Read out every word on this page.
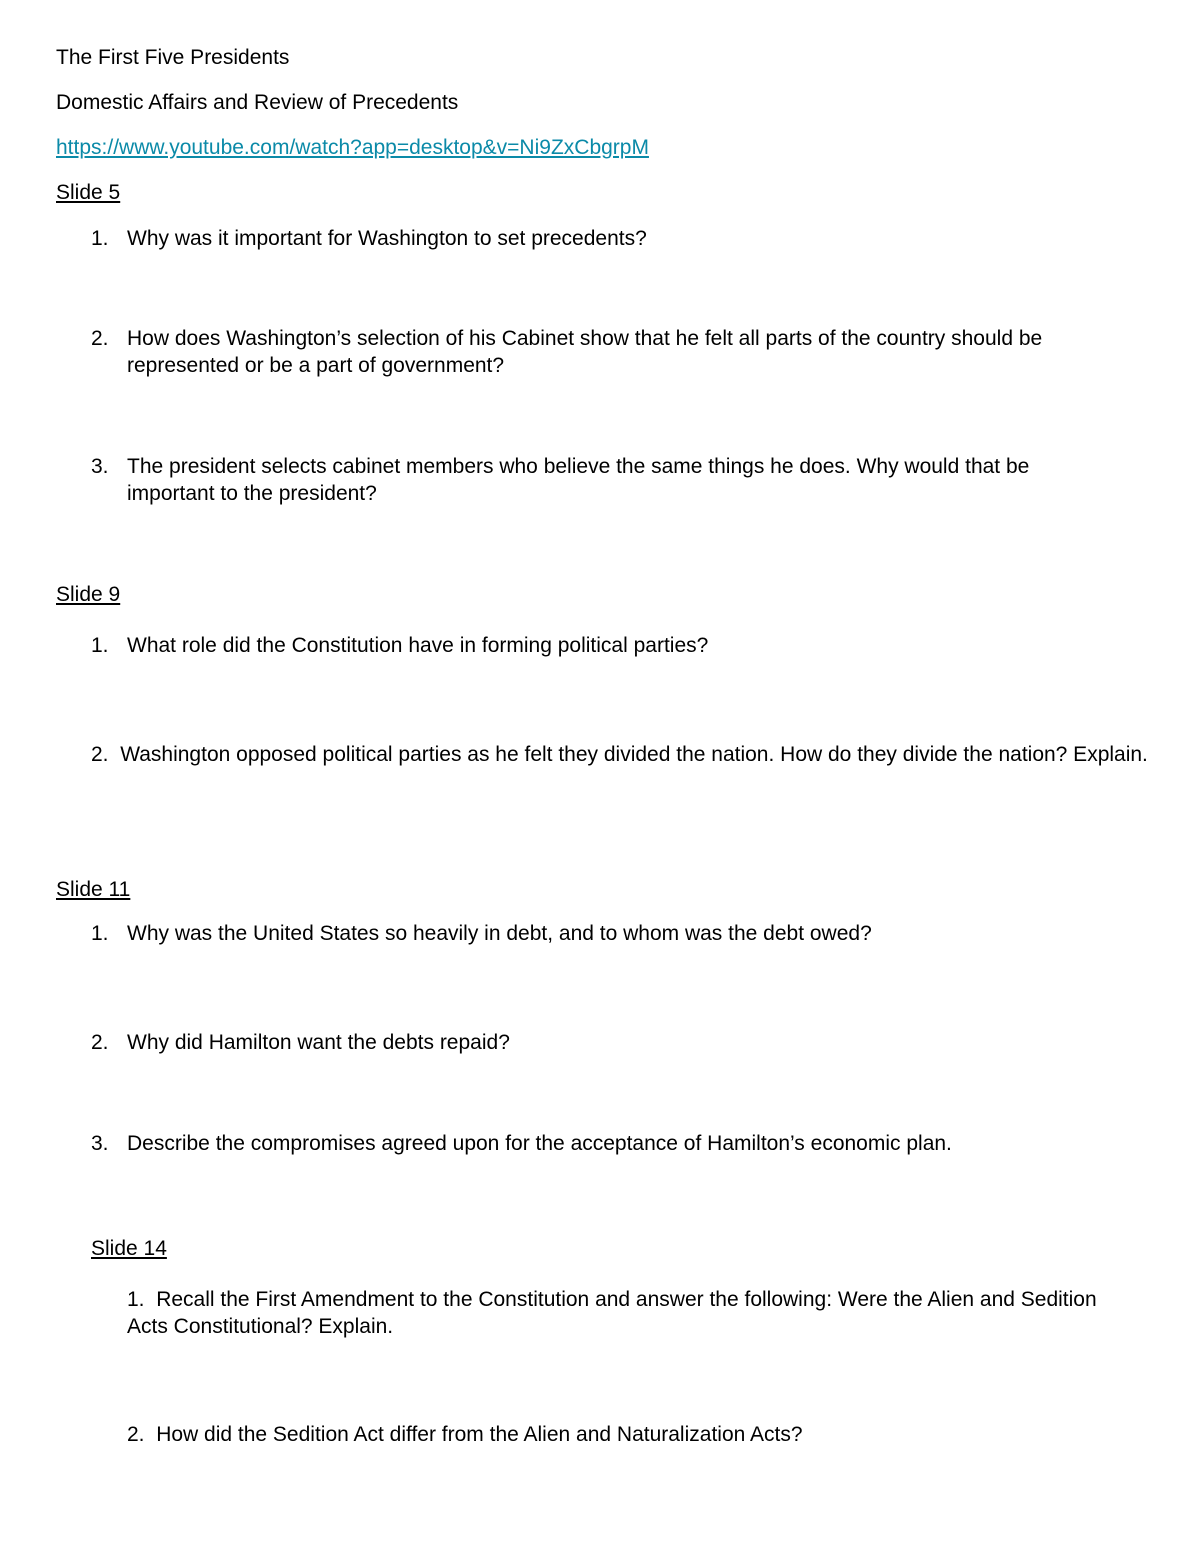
The First Five Presidents

Domestic Affairs and Review of Precedents

https://www.youtube.com/watch?app=desktop&v=Ni9ZxCbgrpM

Slide 5

1. Why was it important for Washington to set precedents?
2. How does Washington’s selection of his Cabinet show that he felt all parts of the country should be represented or be a part of government?
3. The president selects cabinet members who believe the same things he does. Why would that be important to the president?

Slide 9

1. What role did the Constitution have in forming political parties?
2. Washington opposed political parties as he felt they divided the nation. How do they divide the nation? Explain.

Slide 11

1. Why was the United States so heavily in debt, and to whom was the debt owed?
2. Why did Hamilton want the debts repaid?
3. Describe the compromises agreed upon for the acceptance of Hamilton’s economic plan.

Slide 14

1. Recall the First Amendment to the Constitution and answer the following: Were the Alien and Sedition Acts Constitutional? Explain.
2. How did the Sedition Act differ from the Alien and Naturalization Acts?
